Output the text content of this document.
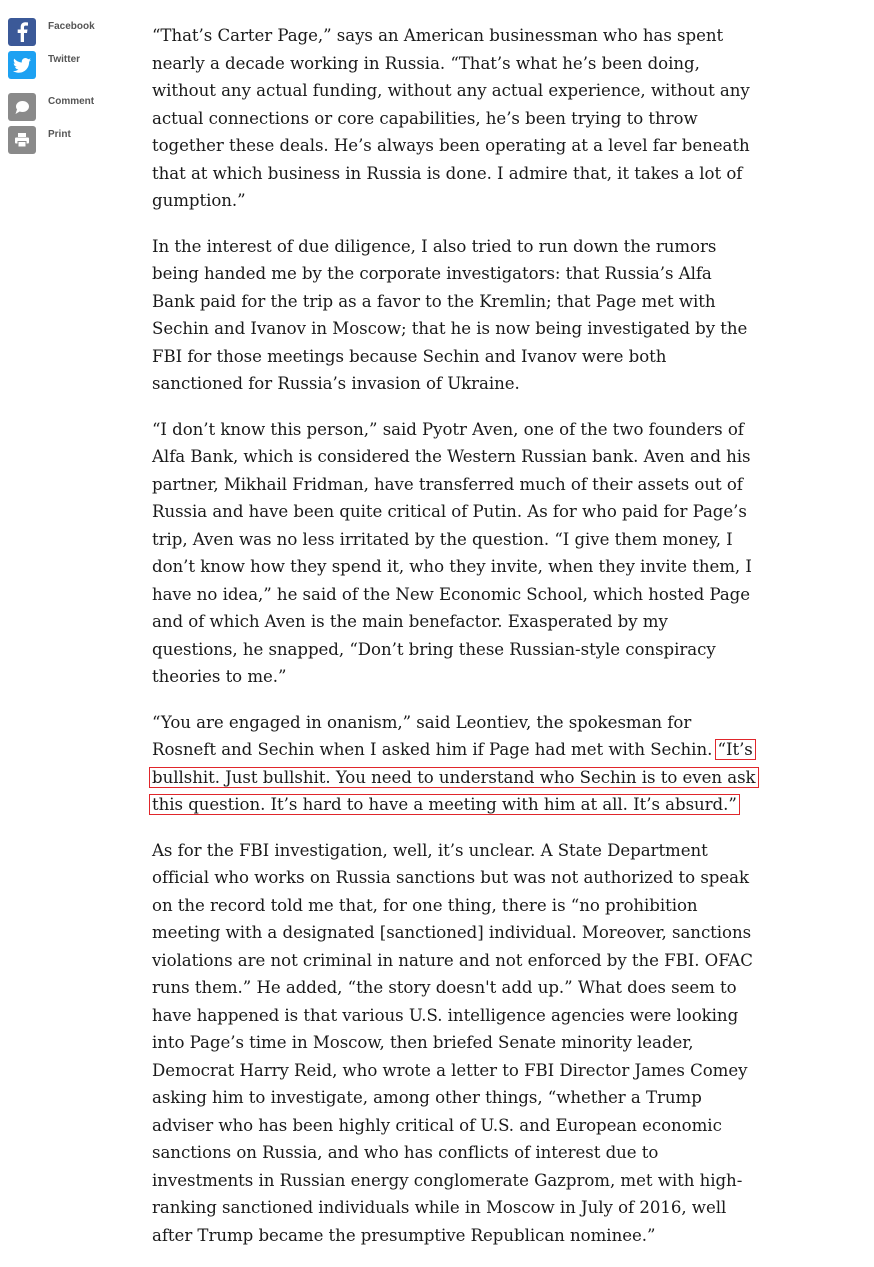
Facebook
Twitter
Comment
Print

“That’s Carter Page,” says an American businessman who has spent nearly a decade working in Russia. “That’s what he’s been doing, without any actual funding, without any actual experience, without any actual connections or core capabilities, he’s been trying to throw together these deals. He’s always been operating at a level far beneath that at which business in Russia is done. I admire that, it takes a lot of gumption.”

In the interest of due diligence, I also tried to run down the rumors being handed me by the corporate investigators: that Russia’s Alfa Bank paid for the trip as a favor to the Kremlin; that Page met with Sechin and Ivanov in Moscow; that he is now being investigated by the FBI for those meetings because Sechin and Ivanov were both sanctioned for Russia’s invasion of Ukraine.

“I don’t know this person,” said Pyotr Aven, one of the two founders of Alfa Bank, which is considered the Western Russian bank. Aven and his partner, Mikhail Fridman, have transferred much of their assets out of Russia and have been quite critical of Putin. As for who paid for Page’s trip, Aven was no less irritated by the question. “I give them money, I don’t know how they spend it, who they invite, when they invite them, I have no idea,” he said of the New Economic School, which hosted Page and of which Aven is the main benefactor. Exasperated by my questions, he snapped, “Don’t bring these Russian-style conspiracy theories to me.”

“You are engaged in onanism,” said Leontiev, the spokesman for Rosneft and Sechin when I asked him if Page had met with Sechin. “It’s bullshit. Just bullshit. You need to understand who Sechin is to even ask this question. It’s hard to have a meeting with him at all. It’s absurd.”

As for the FBI investigation, well, it’s unclear. A State Department official who works on Russia sanctions but was not authorized to speak on the record told me that, for one thing, there is “no prohibition meeting with a designated [sanctioned] individual. Moreover, sanctions violations are not criminal in nature and not enforced by the FBI. OFAC runs them.” He added, “the story doesn't add up.” What does seem to have happened is that various U.S. intelligence agencies were looking into Page’s time in Moscow, then briefed Senate minority leader, Democrat Harry Reid, who wrote a letter to FBI Director James Comey asking him to investigate, among other things, “whether a Trump adviser who has been highly critical of U.S. and European economic sanctions on Russia, and who has conflicts of interest due to investments in Russian energy conglomerate Gazprom, met with high-ranking sanctioned individuals while in Moscow in July of 2016, well after Trump became the presumptive Republican nominee.”
